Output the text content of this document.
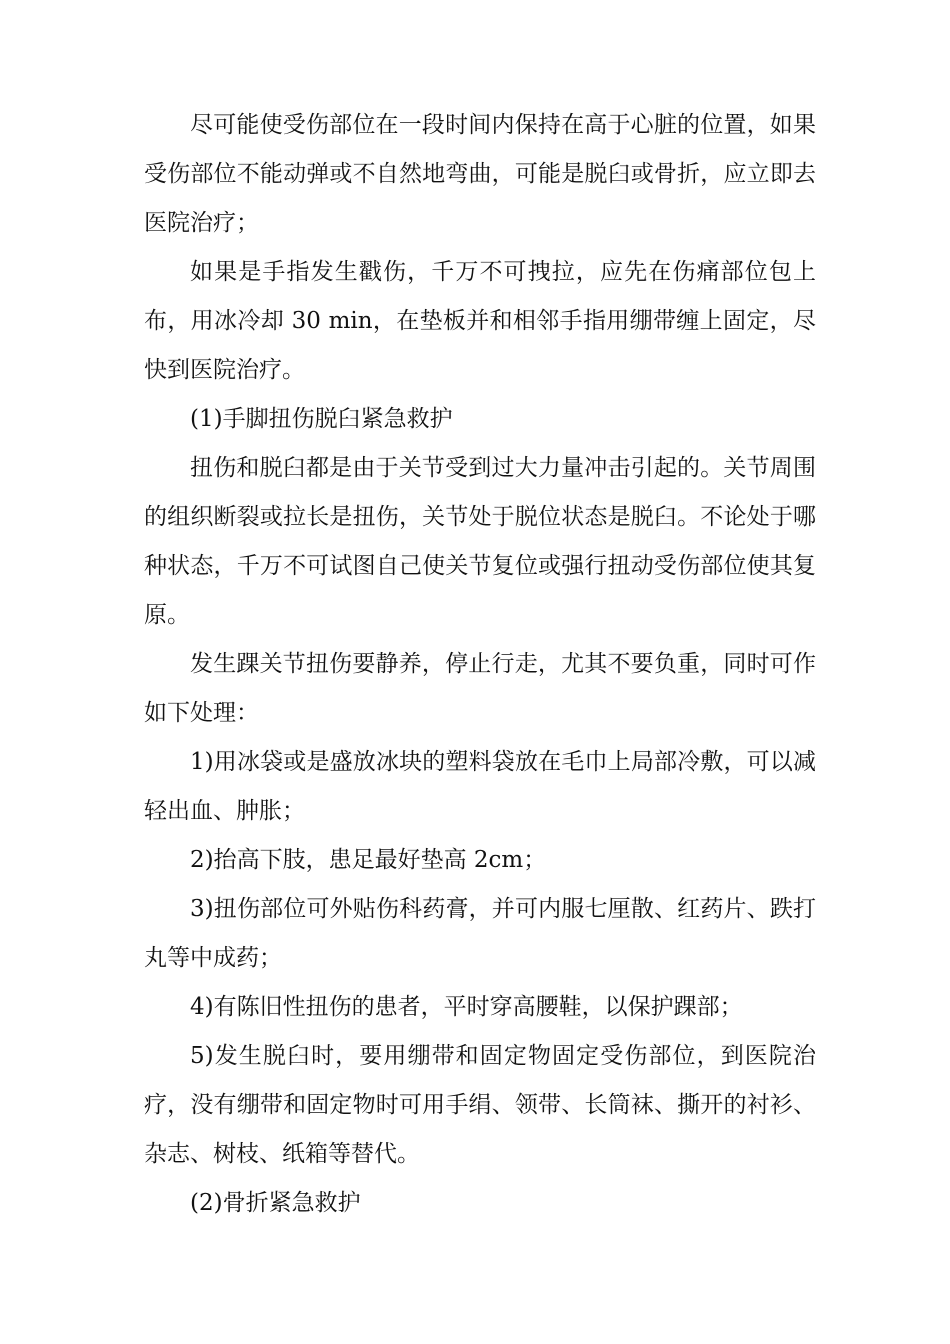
尽可能使受伤部位在一段时间内保持在高于心脏的位置，如果受伤部位不能动弹或不自然地弯曲，可能是脱臼或骨折，应立即去医院治疗；

如果是手指发生戳伤，千万不可拽拉，应先在伤痛部位包上布，用冰冷却 30 min，在垫板并和相邻手指用绷带缠上固定，尽快到医院治疗。

(1)手脚扭伤脱臼紧急救护

扭伤和脱臼都是由于关节受到过大力量冲击引起的。关节周围的组织断裂或拉长是扭伤，关节处于脱位状态是脱臼。不论处于哪种状态，千万不可试图自己使关节复位或强行扭动受伤部位使其复原。

发生踝关节扭伤要静养，停止行走，尤其不要负重，同时可作如下处理：

1)用冰袋或是盛放冰块的塑料袋放在毛巾上局部冷敷，可以减轻出血、肿胀；

2)抬高下肢，患足最好垫高 2cm；

3)扭伤部位可外贴伤科药膏，并可内服七厘散、红药片、跌打丸等中成药；

4)有陈旧性扭伤的患者，平时穿高腰鞋，以保护踝部；

5)发生脱臼时，要用绷带和固定物固定受伤部位，到医院治疗，没有绷带和固定物时可用手绢、领带、长筒袜、撕开的衬衫、杂志、树枝、纸箱等替代。

(2)骨折紧急救护
